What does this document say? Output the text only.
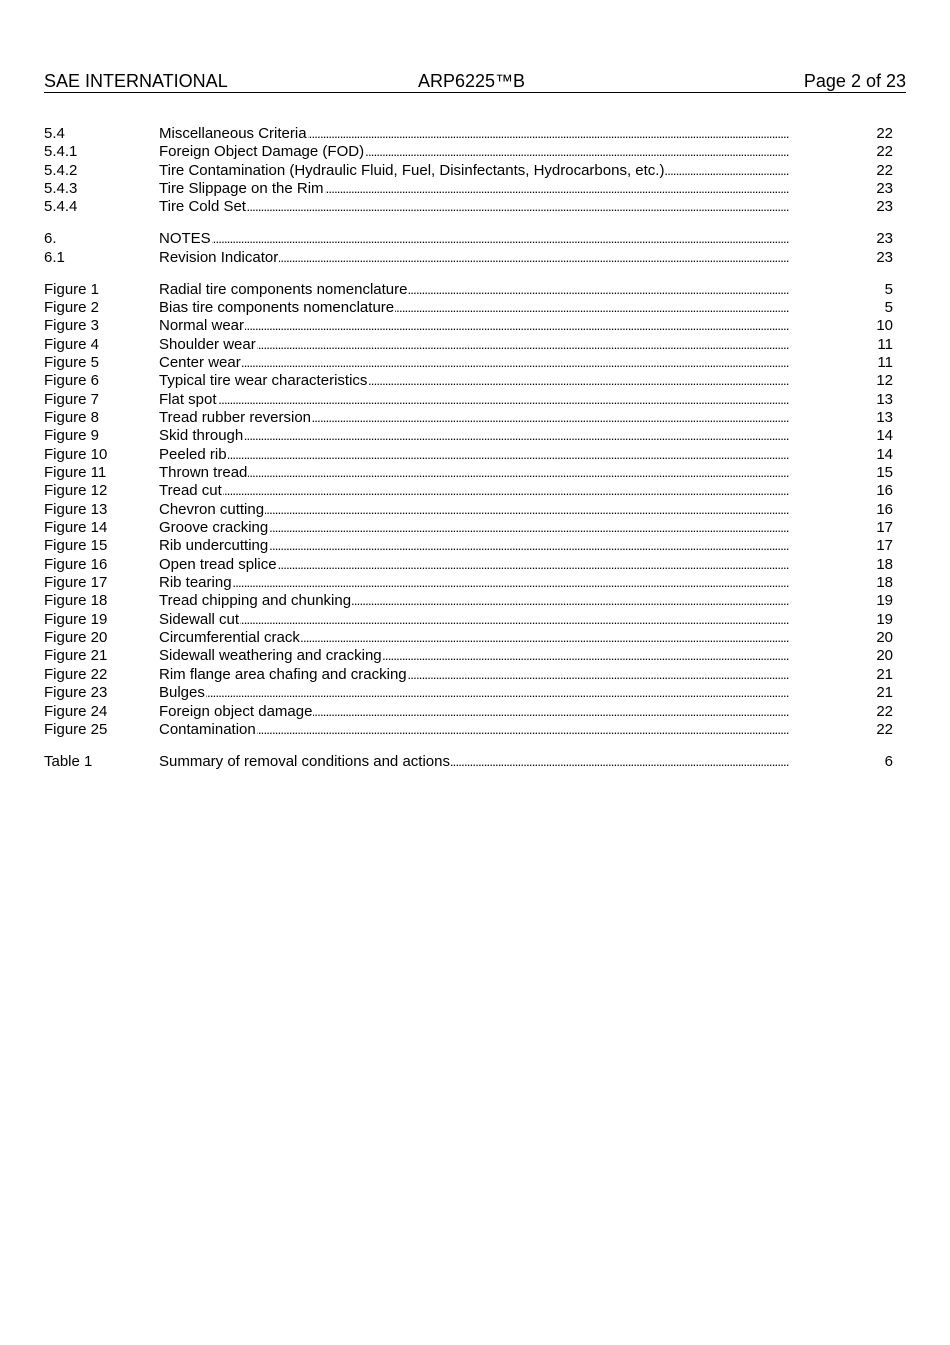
SAE INTERNATIONAL	ARP6225™B	Page 2 of 23
5.4	. . . Miscellaneous Criteria	22
5.4.1	. . . Foreign Object Damage (FOD)	22
5.4.2	. . . Tire Contamination (Hydraulic Fluid, Fuel, Disinfectants, Hydrocarbons, etc.)	22
5.4.3	. . . Tire Slippage on the Rim	23
5.4.4	. . . Tire Cold Set	23
6.	. . . NOTES	23
6.1	. . . Revision Indicator	23
Figure 1	. . . Radial tire components nomenclature	5
Figure 2	. . . Bias tire components nomenclature	5
Figure 3	. . . Normal wear	10
Figure 4	. . . Shoulder wear	11
Figure 5	. . . Center wear	11
Figure 6	. . . Typical tire wear characteristics	12
Figure 7	. . . Flat spot	13
Figure 8	. . . Tread rubber reversion	13
Figure 9	. . . Skid through	14
Figure 10	. . . Peeled rib	14
Figure 11	. . . Thrown tread	15
Figure 12	. . . Tread cut	16
Figure 13	. . . Chevron cutting	16
Figure 14	. . . Groove cracking	17
Figure 15	. . . Rib undercutting	17
Figure 16	. . . Open tread splice	18
Figure 17	. . . Rib tearing	18
Figure 18	. . . Tread chipping and chunking	19
Figure 19	. . . Sidewall cut	19
Figure 20	. . . Circumferential crack	20
Figure 21	. . . Sidewall weathering and cracking	20
Figure 22	. . . Rim flange area chafing and cracking	21
Figure 23	. . . Bulges	21
Figure 24	. . . Foreign object damage	22
Figure 25	. . . Contamination	22
Table 1	. . . Summary of removal conditions and actions	6
